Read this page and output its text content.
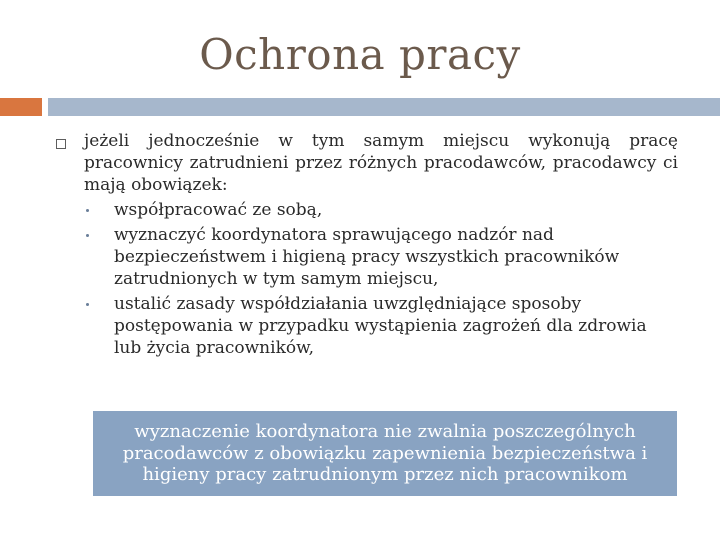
Ochrona pracy
jeżeli jednocześnie w tym samym miejscu wykonują pracę pracownicy zatrudnieni przez różnych pracodawców, pracodawcy ci mają obowiązek:
współpracować ze sobą,
wyznaczyć koordynatora sprawującego nadzór nad bezpieczeństwem i higieną pracy wszystkich pracowników zatrudnionych w tym samym miejscu,
ustalić zasady współdziałania uwzględniające sposoby postępowania w przypadku wystąpienia zagrożeń dla zdrowia lub życia pracowników,
wyznaczenie koordynatora nie zwalnia poszczególnych pracodawców z obowiązku zapewnienia bezpieczeństwa i higieny pracy zatrudnionym przez nich pracownikom
